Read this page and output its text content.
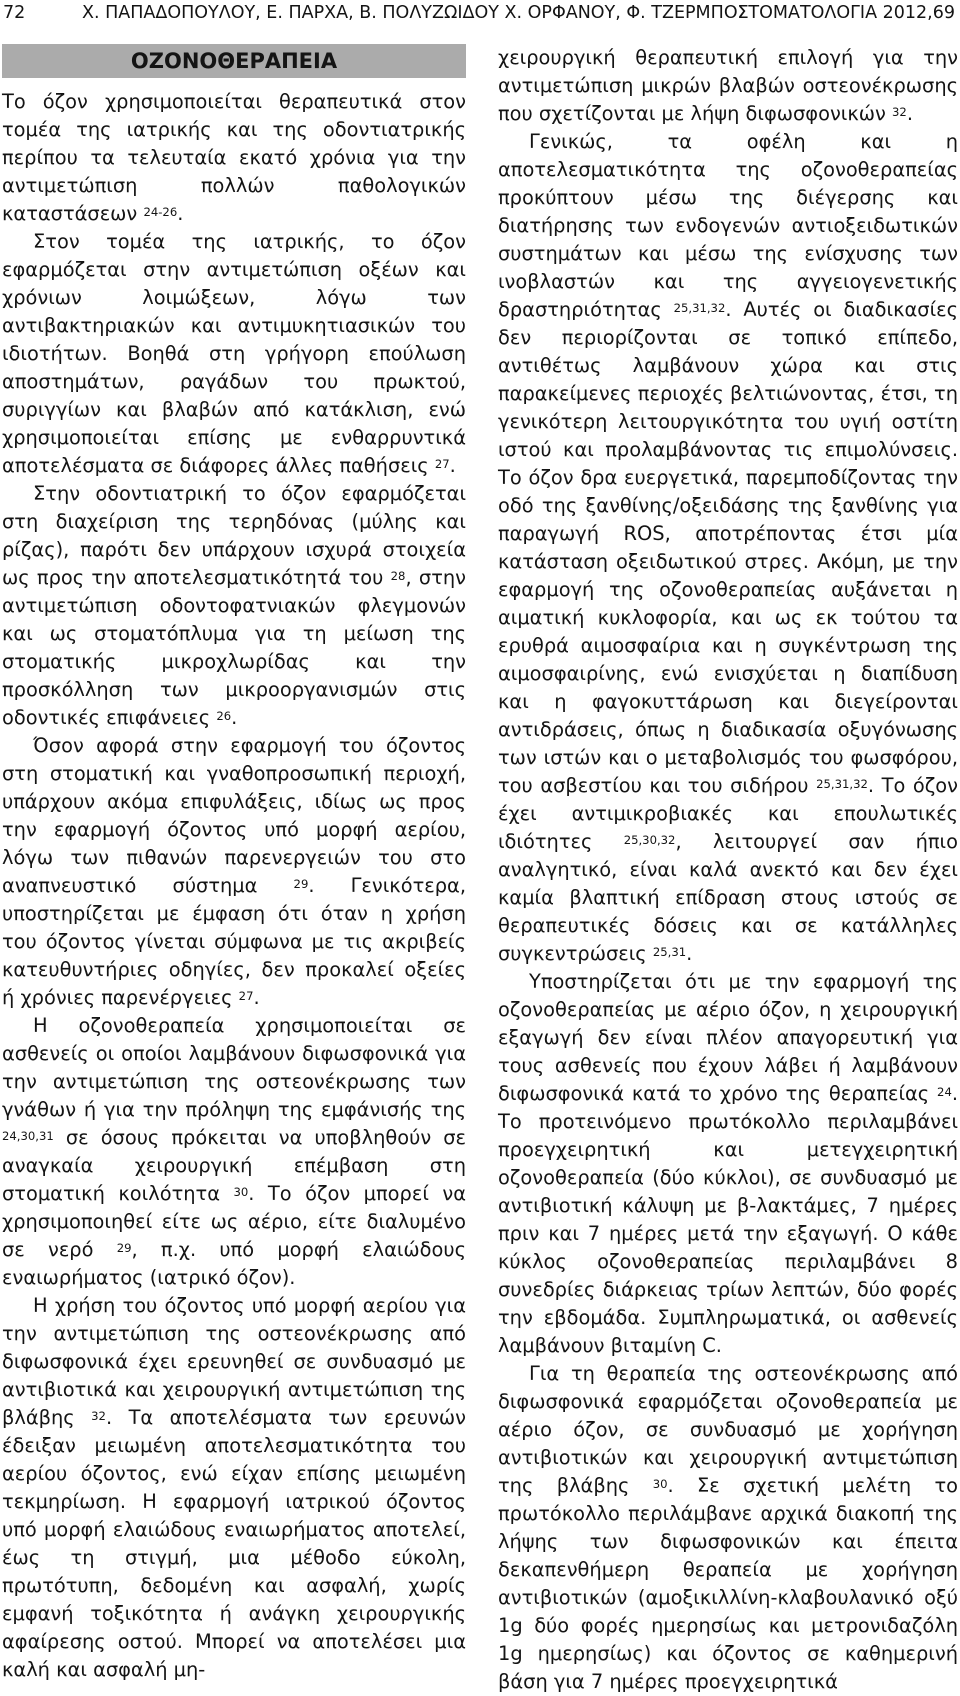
72	Χ. ΠΑΠΑΔΟΠΟΥΛΟΥ, Ε. ΠΑΡΧΑ, Β. ΠΟΛΥΖΩΙΔΟΥ Χ. ΟΡΦΑΝΟΥ, Φ. ΤΖΕΡΜΠΟΣ
ΣΤΟΜΑΤΟΛΟΓΙΑ 2012,69
ΟΖΟΝΟΘΕΡΑΠΕΙΑ

Το όζον χρησιμοποιείται θεραπευτικά στον τομέα της ιατρικής και της οδοντιατρικής περίπου τα τελευταία εκατό χρόνια για την αντιμετώπιση πολλών παθολογικών καταστάσεων $^{24-26}$.

Στον τομέα της ιατρικής, το όζον εφαρμόζεται στην αντιμετώπιση οξέων και χρόνιων λοιμώξεων, λόγω των αντιβακτηριακών και αντιμυκητιασικών του ιδιοτήτων. Βοηθά στη γρήγορη επούλωση αποστημάτων, ραγάδων του πρωκτού, συριγγίων και βλαβών από κατάκλιση, ενώ χρησιμοποιείται επίσης με ενθαρρυντικά αποτελέσματα σε διάφορες άλλες παθήσεις $^{27}$.

Στην οδοντιατρική το όζον εφαρμόζεται στη διαχείριση της τερηδόνας (μύλης και ρίζας), παρότι δεν υπάρχουν ισχυρά στοιχεία ως προς την αποτελεσματικότητά του $^{28}$, στην αντιμετώπιση οδοντοφατνιακών φλεγμονών και ως στοματόπλυμα για τη μείωση της στοματικής μικροχλωρίδας και την προσκόλληση των μικροοργανισμών στις οδοντικές επιφάνειες $^{26}$.

Όσον αφορά στην εφαρμογή του όζοντος στη στοματική και γναθοπροσωπική περιοχή, υπάρχουν ακόμα επιφυλάξεις, ιδίως ως προς την εφαρμογή όζοντος υπό μορφή αερίου, λόγω των πιθανών παρενεργειών του στο αναπνευστικό σύστημα	$^{29}$. Γενικότερα, υποστηρίζεται με έμφαση ότι όταν η χρήση του όζοντος γίνεται σύμφωνα με τις ακριβείς κατευθυντήριες οδηγίες, δεν προκαλεί οξείες ή χρόνιες παρενέργειες $^{27}$.

Η οζονοθεραπεία χρησιμοποιείται σε ασθενείς οι οποίοι λαμβάνουν διφωσφονικά για την αντιμετώπιση της οστεονέκρωσης των γνάθων ή για την πρόληψη της εμφάνισής της $^{24,30,31}$ σε όσους πρόκειται να υποβληθούν σε αναγκαία χειρουργική επέμβαση στη στοματική κοιλότητα $^{30}$. Το όζον μπορεί να χρησιμοποιηθεί είτε ως αέριο, είτε διαλυμένο σε νερό $^{29}$, π.χ. υπό μορφή ελαιώδους εναιωρήματος (ιατρικό όζον).

Η χρήση του όζοντος υπό μορφή αερίου για την αντιμετώπιση της οστεονέκρωσης από διφωσφονικά έχει ερευνηθεί σε συνδυασμό με αντιβιοτικά και χειρουργική αντιμετώπιση της βλάβης $^{32}$. Τα αποτελέσματα των ερευνών έδειξαν μειωμένη αποτελεσματικότητα του αερίου όζοντος, ενώ είχαν επίσης μειωμένη τεκμηρίωση. Η εφαρμογή ιατρικού όζοντος υπό μορφή ελαιώδους εναιωρήματος αποτελεί, έως τη στιγμή, μια μέθοδο εύκολη, πρωτότυπη, δεδομένη και ασφαλή, χωρίς εμφανή τοξικότητα ή ανάγκη χειρουργικής αφαίρεσης οστού. Μπορεί να αποτελέσει μια καλή και ασφαλή μη-

χειρουργική θεραπευτική επιλογή για την αντιμετώπιση μικρών βλαβών οστεονέκρωσης που σχετίζονται με λήψη διφωσφονικών $^{32}$.

Γενικώς, τα οφέλη και η αποτελεσματικότητα της οζονοθεραπείας προκύπτουν μέσω της διέγερσης και διατήρησης των ενδογενών αντιοξειδωτικών συστημάτων και μέσω της ενίσχυσης των ινοβλαστών και της αγγειογενετικής δραστηριότητας $^{25,31,32}$. Αυτές οι διαδικασίες δεν περιορίζονται σε τοπικό επίπεδο, αντιθέτως λαμβάνουν χώρα και στις παρακείμενες περιοχές βελτιώνοντας, έτσι, τη γενικότερη λειτουργικότητα του υγιή οστίτη ιστού και προλαμβάνοντας τις επιμολύνσεις. Το όζον δρα ευεργετικά, παρεμποδίζοντας την οδό της ξανθίνης/οξειδάσης της ξανθίνης για παραγωγή ROS, αποτρέποντας έτσι μία κατάσταση οξειδωτικού στρες. Ακόμη, με την εφαρμογή της οζονοθεραπείας αυξάνεται η αιματική κυκλοφορία, και ως εκ τούτου τα ερυθρά αιμοσφαίρια και η συγκέντρωση της αιμοσφαιρίνης, ενώ ενισχύεται η διαπίδυση και η φαγοκυττάρωση και διεγείρονται αντιδράσεις, όπως η διαδικασία οξυγόνωσης των ιστών και ο μεταβολισμός του φωσφόρου, του ασβεστίου και του σιδήρου $^{25,31,32}$. Το όζον έχει αντιμικροβιακές και επουλωτικές ιδιότητες	$^{25,30,32}$, λειτουργεί σαν ήπιο αναλγητικό, είναι καλά ανεκτό και δεν έχει καμία βλαπτική επίδραση στους ιστούς σε θεραπευτικές δόσεις και σε κατάλληλες συγκεντρώσεις $^{25,31}$.

Υποστηρίζεται ότι με την εφαρμογή της οζονοθεραπείας με αέριο όζον, η χειρουργική εξαγωγή δεν είναι πλέον απαγορευτική για τους ασθενείς που έχουν λάβει ή λαμβάνουν διφωσφονικά κατά το χρόνο της θεραπείας $^{24}$. Το προτεινόμενο πρωτόκολλο περιλαμβάνει προεγχειρητική και μετεγχειρητική οζονοθεραπεία (δύο κύκλοι), σε συνδυασμό με αντιβιοτική κάλυψη με β-λακτάμες, 7 ημέρες πριν και 7 ημέρες μετά την εξαγωγή. Ο κάθε κύκλος οζονοθεραπείας περιλαμβάνει 8 συνεδρίες διάρκειας τρίων λεπτών, δύο φορές την εβδομάδα. Συμπληρωματικά, οι ασθενείς λαμβάνουν βιταμίνη C.

Για τη θεραπεία της οστεονέκρωσης από διφωσφονικά εφαρμόζεται οζονοθεραπεία με αέριο όζον, σε συνδυασμό με χορήγηση αντιβιοτικών και χειρουργική αντιμετώπιση της βλάβης $^{30}$. Σε σχετική μελέτη το πρωτόκολλο περιλάμβανε αρχικά διακοπή της λήψης των διφωσφονικών και έπειτα δεκαπενθήμερη θεραπεία με χορήγηση αντιβιοτικών (αμοξικιλλίνη-κλαβουλανικό οξύ 1g δύο φορές ημερησίως και μετρονιδαζόλη 1g ημερησίως) και όζοντος σε καθημερινή βάση για 7 ημέρες προεγχειρητικά
